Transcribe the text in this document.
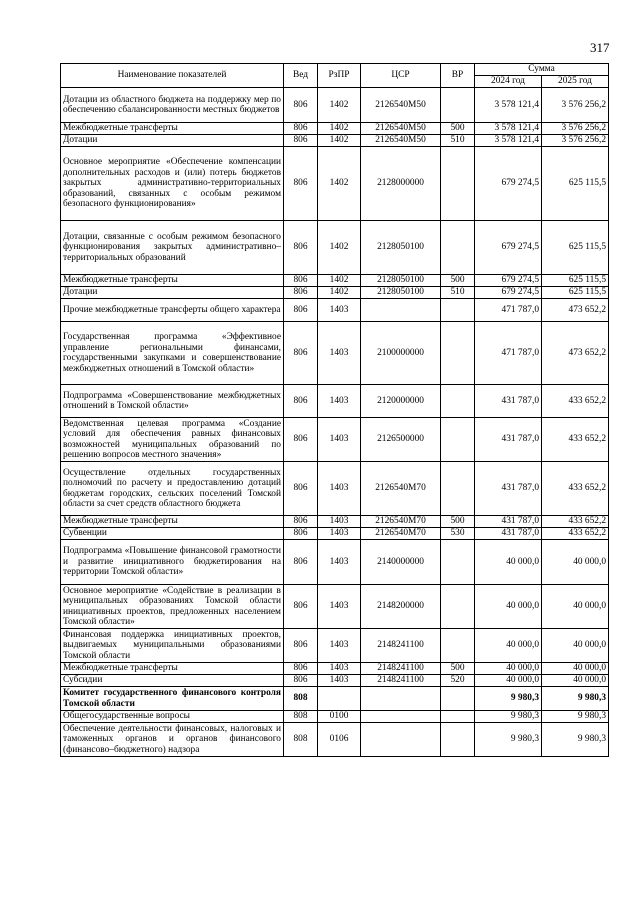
317
Наименование показателей	Вед	РзПР	ЦСР	ВР	Сумма	
					2024 год	2025 год
Дотации из областного бюджета на поддержку мер по обеспечению сбалансированности местных бюджетов	806	1402	2126540М50		3 578 121,4	3 576 256,2
Межбюджетные трансферты	806	1402	2126540М50	500	3 578 121,4	3 576 256,2
Дотации	806	1402	2126540М50	510	3 578 121,4	3 576 256,2
Основное мероприятие «Обеспечение компенсации дополнительных расходов и (или) потерь бюджетов закрытых административно-территориальных образований, связанных с особым режимом безопасного функционирования»	806	1402	2128000000		679 274,5	625 115,5
Дотации, связанные с особым режимом безопасного функционирования закрытых административно–территориальных образований	806	1402	2128050100		679 274,5	625 115,5
Межбюджетные трансферты	806	1402	2128050100	500	679 274,5	625 115,5
Дотации	806	1402	2128050100	510	679 274,5	625 115,5
Прочие межбюджетные трансферты общего характера	806	1403			471 787,0	473 652,2
Государственная программа «Эффективное управление региональными финансами, государственными закупками и совершенствование межбюджетных отношений в Томской области»	806	1403	2100000000		471 787,0	473 652,2
Подпрограмма «Совершенствование межбюджетных отношений в Томской области»	806	1403	2120000000		431 787,0	433 652,2
Ведомственная целевая программа «Создание условий для обеспечения равных финансовых возможностей муниципальных образований по решению вопросов местного значения»	806	1403	2126500000		431 787,0	433 652,2
Осуществление отдельных государственных полномочий по расчету и предоставлению дотаций бюджетам городских, сельских поселений Томской области за счет средств областного бюджета	806	1403	2126540М70		431 787,0	433 652,2
Межбюджетные трансферты	806	1403	2126540М70	500	431 787,0	433 652,2
Субвенции	806	1403	2126540М70	530	431 787,0	433 652,2
Подпрограмма «Повышение финансовой грамотности и развитие инициативного бюджетирования на территории Томской области»	806	1403	2140000000		40 000,0	40 000,0
Основное мероприятие «Содействие в реализации в муниципальных образованиях Томской области инициативных проектов, предложенных населением Томской области»	806	1403	2148200000		40 000,0	40 000,0
Финансовая поддержка инициативных проектов, выдвигаемых муниципальными образованиями Томской области	806	1403	2148241100		40 000,0	40 000,0
Межбюджетные трансферты	806	1403	2148241100	500	40 000,0	40 000,0
Субсидии	806	1403	2148241100	520	40 000,0	40 000,0
Комитет государственного финансового контроля Томской области	808				9 980,3	9 980,3
Общегосударственные вопросы	808	0100			9 980,3	9 980,3
Обеспечение деятельности финансовых, налоговых и таможенных органов и органов финансового (финансово–бюджетного) надзора	808	0106			9 980,3	9 980,3
